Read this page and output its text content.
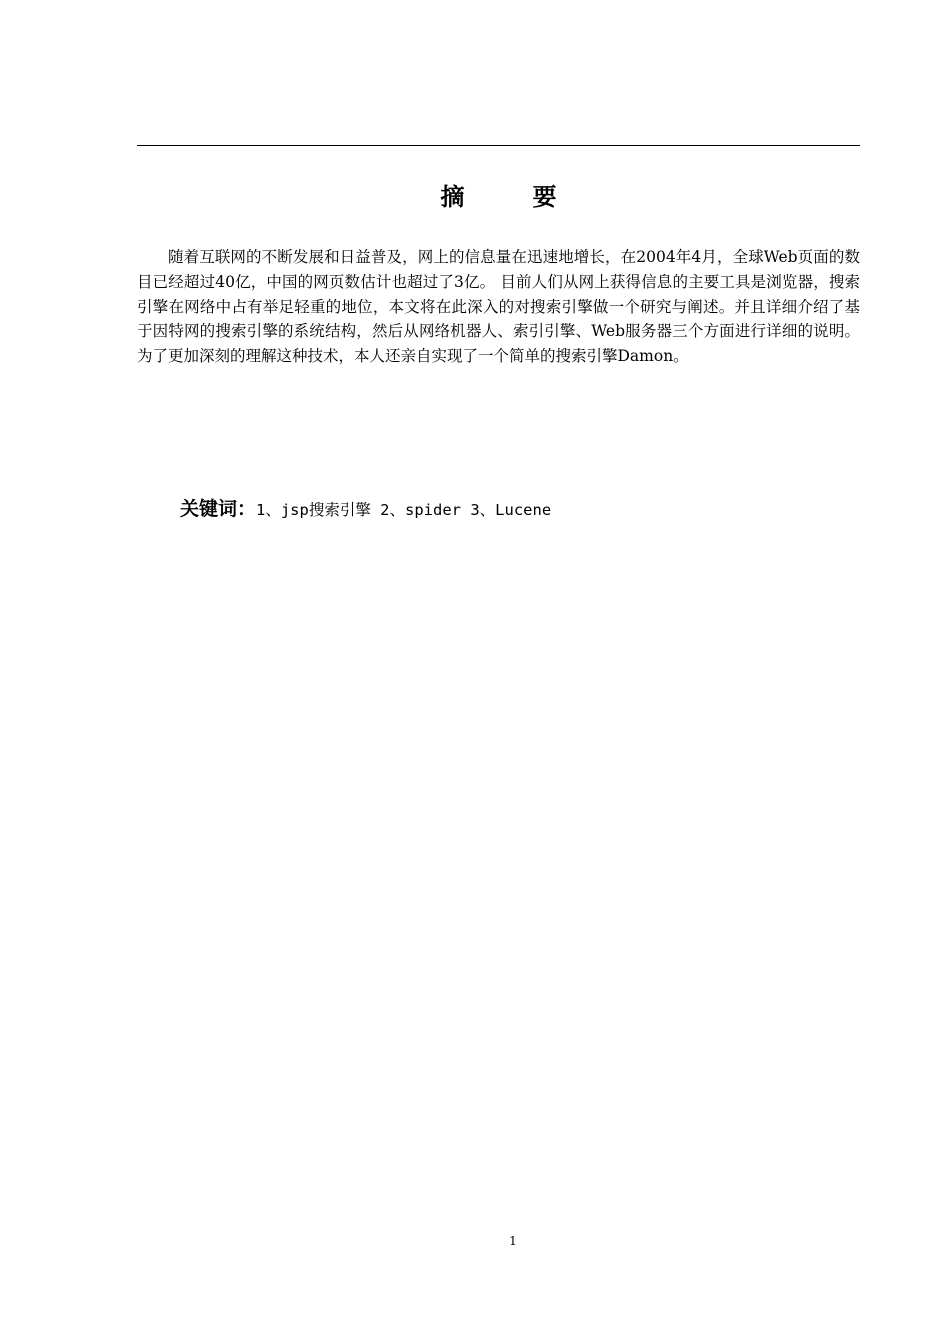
摘	要

随着互联网的不断发展和日益普及，网上的信息量在迅速地增长，在2004年4月，全球Web页面的数目已经超过40亿，中国的网页数估计也超过了3亿。 目前人们从网上获得信息的主要工具是浏览器，搜索引擎在网络中占有举足轻重的地位，本文将在此深入的对搜索引擎做一个研究与阐述。并且详细介绍了基于因特网的搜索引擎的系统结构，然后从网络机器人、索引引擎、Web服务器三个方面进行详细的说明。为了更加深刻的理解这种技术，本人还亲自实现了一个简单的搜索引擎Damon。

关键词：1、jsp搜索引擎 2、spider 3、Lucene
1
